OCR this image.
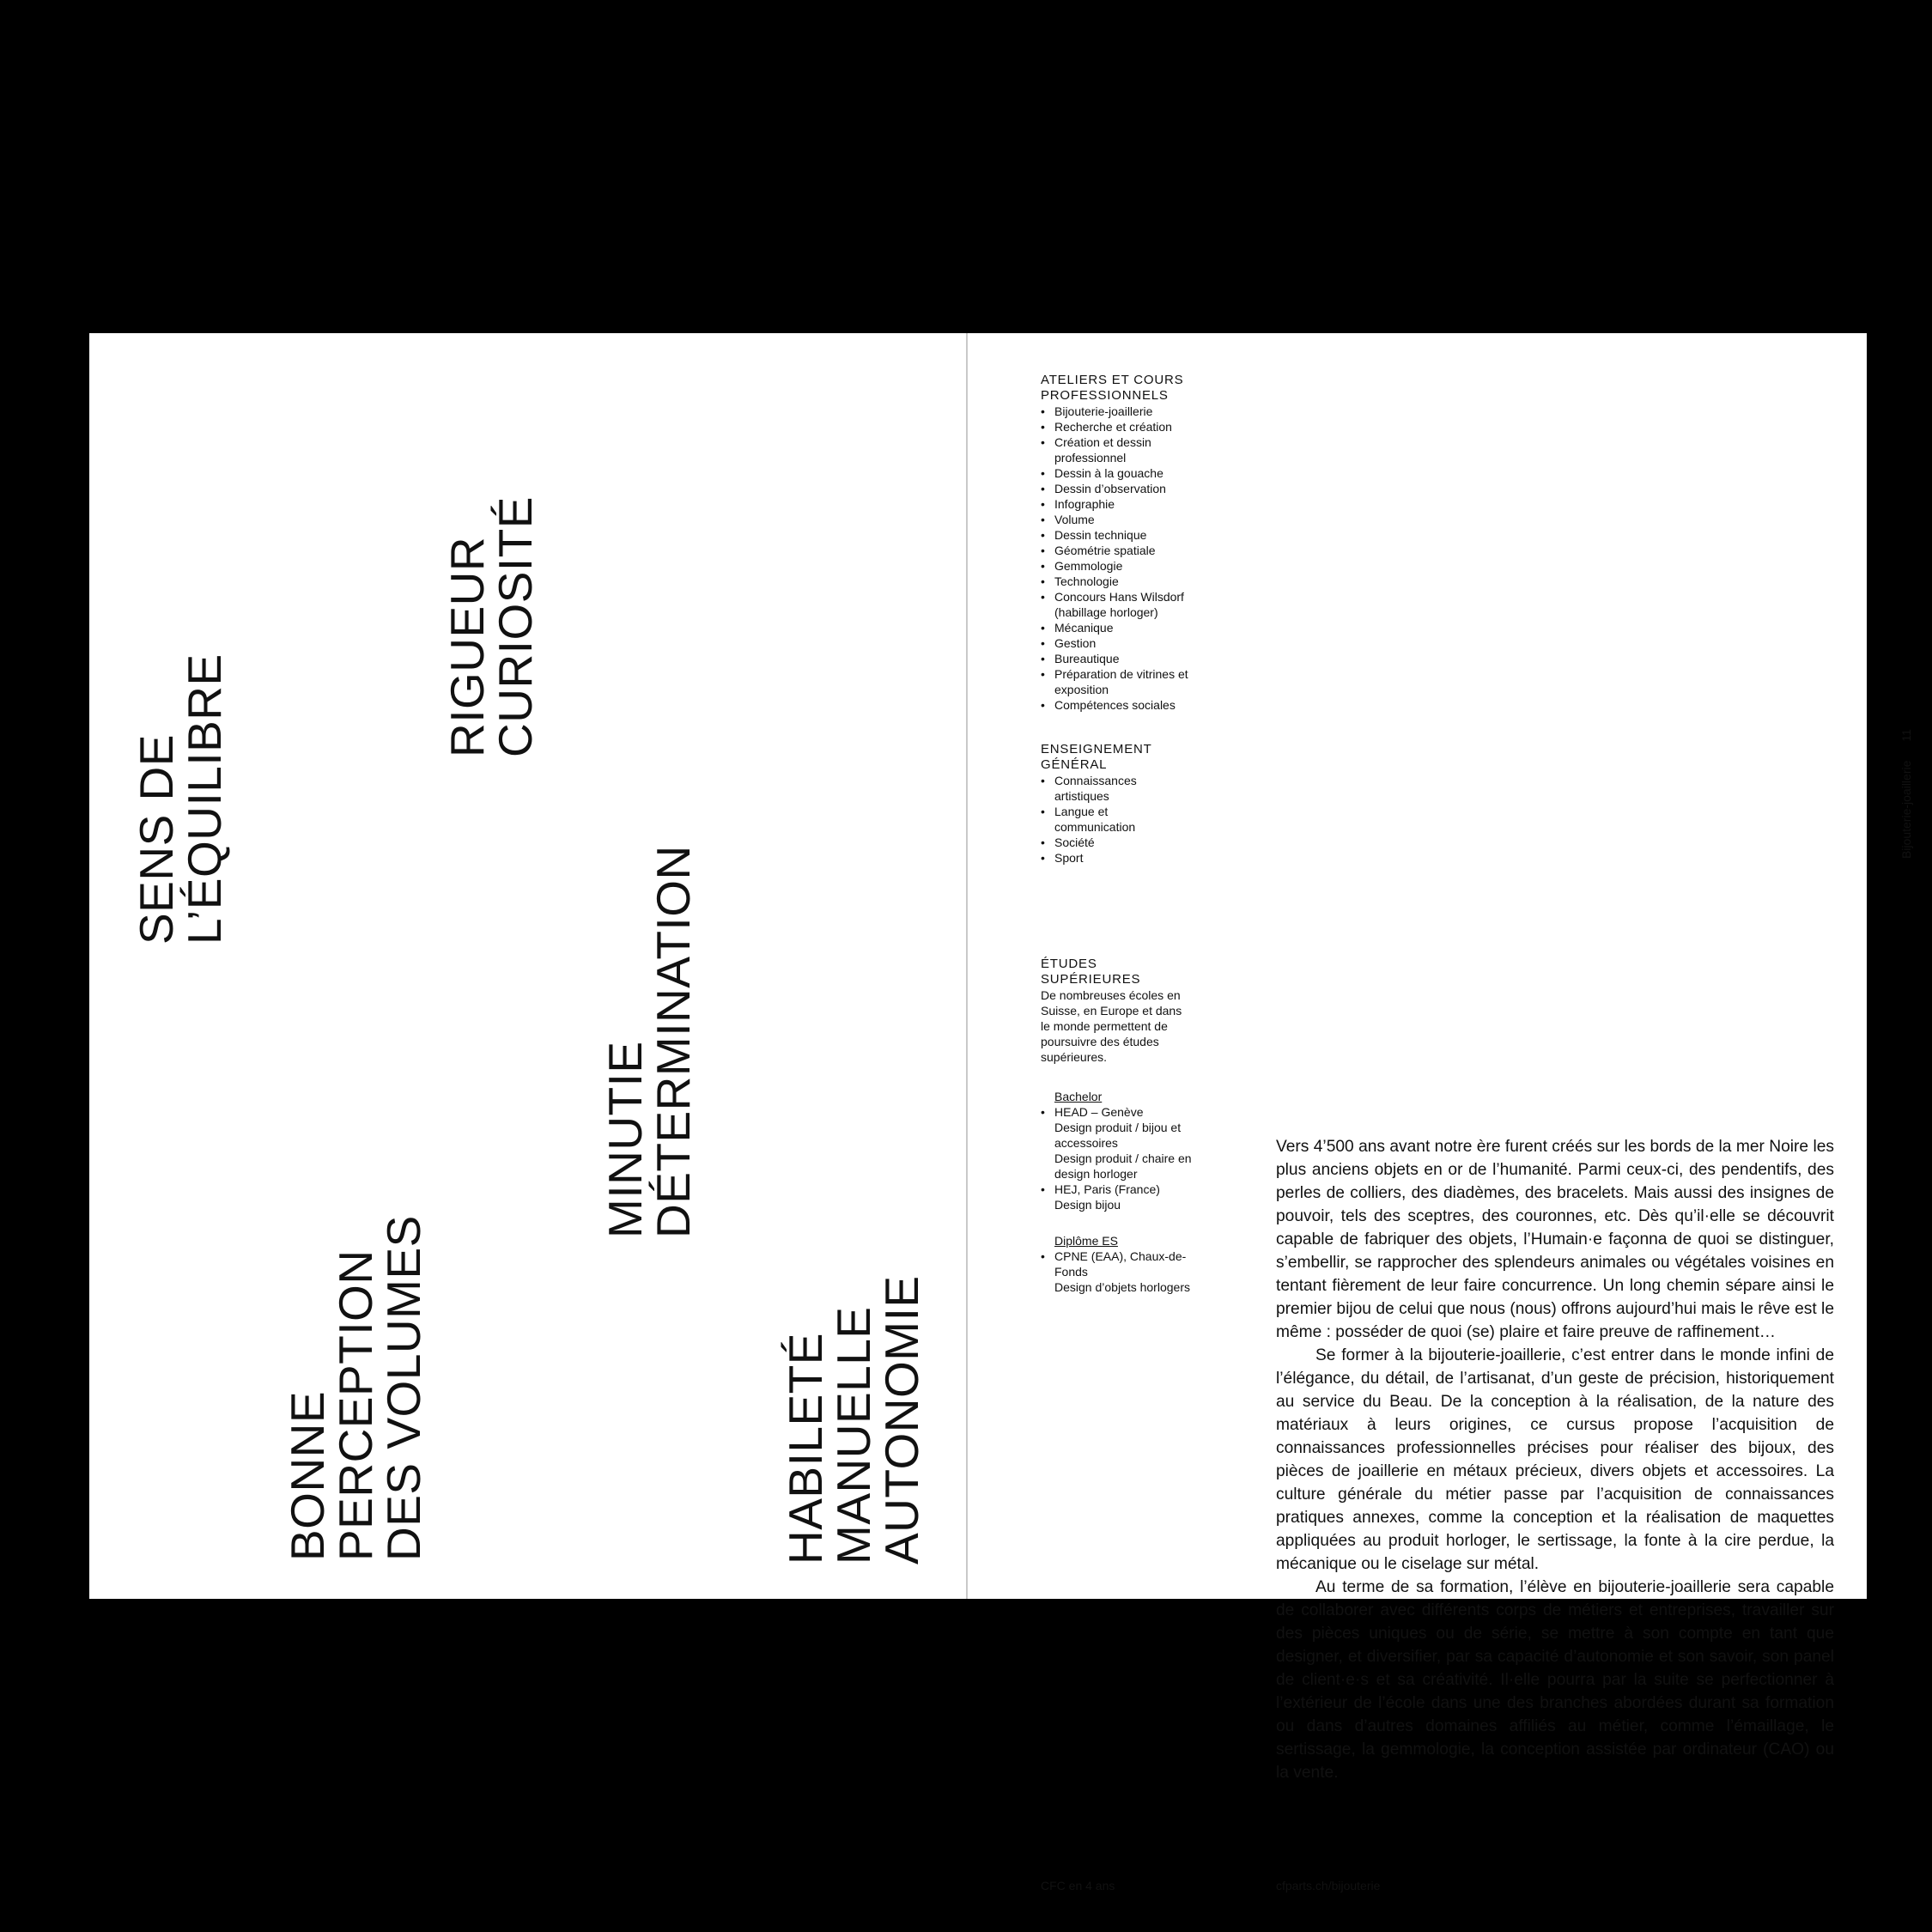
SENS DE
L’ÉQUILIBRE
RIGUEUR
CURIOSITÉ
MINUTIE
DÉTERMINATION
BONNE
PERCEPTION
DES VOLUMES	HABILETÉ
MANUELLE
AUTONOMIE

ATELIERS ET COURS
PROFESSIONNELS

• Bijouterie-joaillerie
• Recherche et création
• Création et dessin professionnel
• Dessin à la gouache
• Dessin d’observation
• Infographie
• Volume
• Dessin technique
• Géométrie spatiale
• Gemmologie
• Technologie
• Concours Hans Wilsdorf (habillage horloger)
• Mécanique
• Gestion
• Bureautique
• Préparation de vitrines et exposition
• Compétences sociales

ENSEIGNEMENT
GÉNÉRAL

• Connaissances artistiques
• Langue et communication
• Société
• Sport

ÉTUDES
SUPÉRIEURES

De nombreuses écoles en Suisse, en Europe et dans le monde permettent de poursuivre des études supérieures.
Bachelor
• HEAD – Genève
Design produit / bijou et accessoires
Design produit / chaire en design horloger
• HEJ, Paris (France)
Design bijou
Diplôme ES
• CPNE (EAA), Chaux-de-Fonds
Design d’objets horlogers

Vers 4’500 ans avant notre ère furent créés sur les bords de la mer Noire les plus anciens objets en or de l’humanité. Parmi ceux-ci, des pendentifs, des perles de colliers, des diadèmes, des bracelets. Mais aussi des insignes de pouvoir, tels des sceptres, des couronnes, etc. Dès qu’il·elle se découvrit capable de fabriquer des objets, l’Humain·e façonna de quoi se distinguer, s’embellir, se rapprocher des splendeurs animales ou végétales voisines en tentant fièrement de leur faire concurrence. Un long chemin sépare ainsi le premier bijou de celui que nous (nous) offrons aujourd’hui mais le rêve est le même : posséder de quoi (se) plaire et faire preuve de raffinement…

Se former à la bijouterie-joaillerie, c’est entrer dans le monde infini de l’élégance, du détail, de l’artisanat, d’un geste de précision, historiquement au service du Beau. De la conception à la réalisation, de la nature des matériaux à leurs origines, ce cursus propose l’acquisition de connaissances professionnelles précises pour réaliser des bijoux, des pièces de joaillerie en métaux précieux, divers objets et accessoires. La culture générale du métier passe par l’acquisition de connaissances pratiques annexes, comme la conception et la réalisation de maquettes appliquées au produit horloger, le sertissage, la fonte à la cire perdue, la mécanique ou le ciselage sur métal.

Au terme de sa formation, l’élève en bijouterie-joaillerie sera capable de collaborer avec différents corps de métiers et entreprises, travailler sur des pièces uniques ou de série, se mettre à son compte en tant que designer, et diversifier, par sa capacité d’autonomie et son savoir, son panel de client·e·s et sa créativité. Il·elle pourra par la suite se perfectionner à l’extérieur de l’école dans une des branches abordées durant sa formation ou dans d’autres domaines affiliés au métier, comme l’émaillage, le sertissage, la gemmologie, la conception assistée par ordinateur (CAO) ou la vente.

CFC en 4 ans	cfparts.ch/bijouterie
Bijouterie-joaillerie11
